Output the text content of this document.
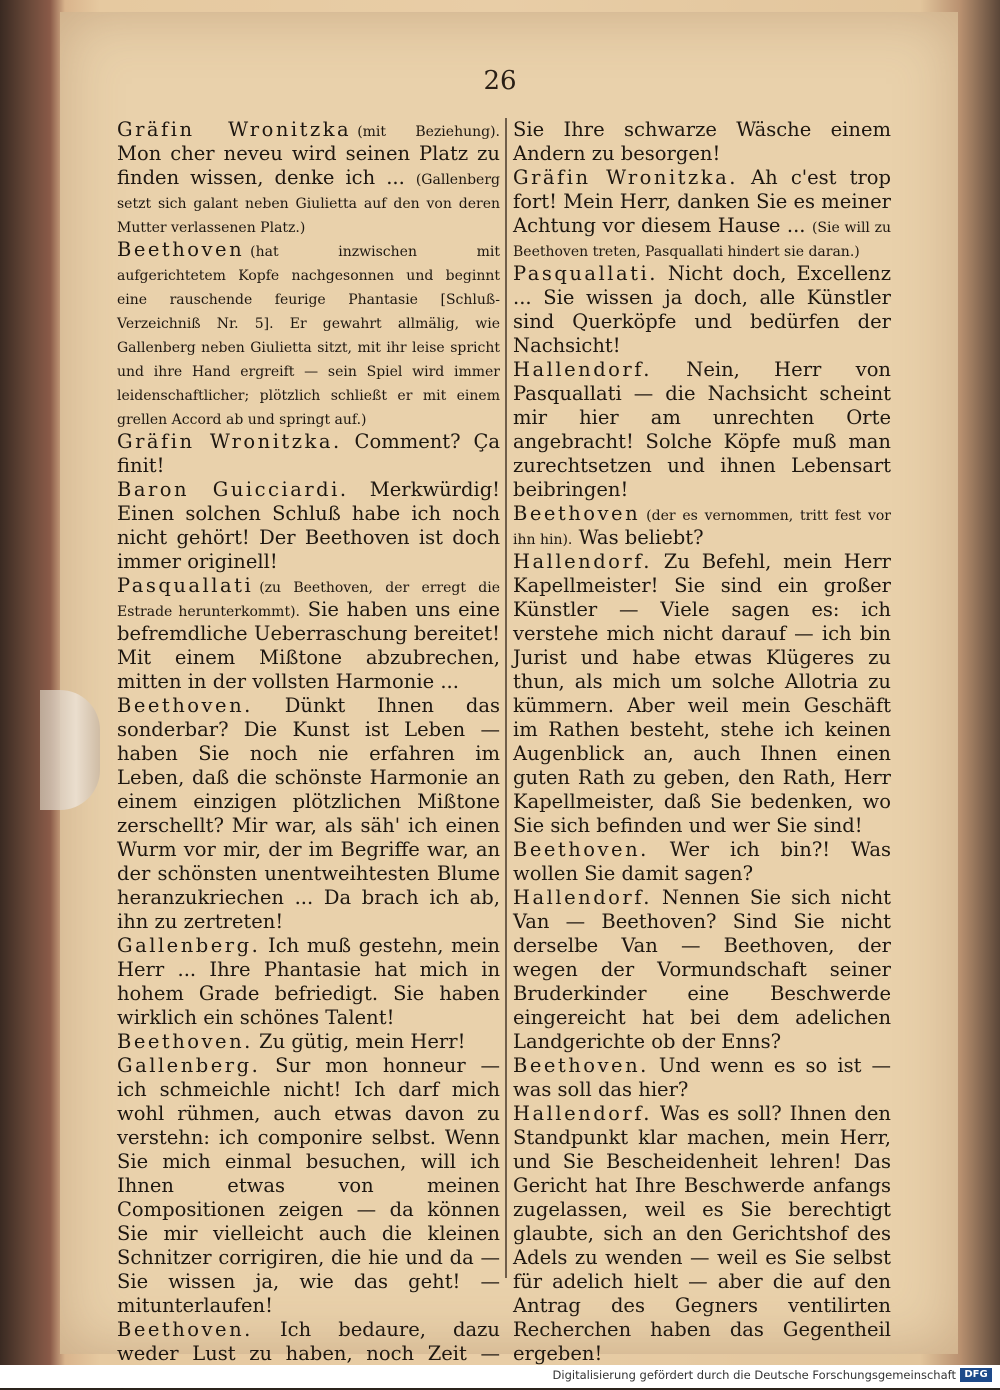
26

Gräfin Wronitzka (mit Beziehung). Mon cher neveu wird seinen Platz zu finden wissen, denke ich ... (Gallenberg setzt sich galant neben Giulietta auf den von deren Mutter verlassenen Platz.)

Beethoven (hat inzwischen mit aufgerichtetem Kopfe nachgesonnen und beginnt eine rauschende feurige Phantasie [Schluß-Verzeichniß Nr. 5]. Er gewahrt allmälig, wie Gallenberg neben Giulietta sitzt, mit ihr leise spricht und ihre Hand ergreift — sein Spiel wird immer leidenschaftlicher; plötzlich schließt er mit einem grellen Accord ab und springt auf.)

Gräfin Wronitzka. Comment? Ça finit!

Baron Guicciardi. Merkwürdig! Einen solchen Schluß habe ich noch nicht gehört! Der Beethoven ist doch immer originell!

Pasquallati (zu Beethoven, der erregt die Estrade herunterkommt). Sie haben uns eine befremdliche Ueberraschung bereitet! Mit einem Mißtone abzubrechen, mitten in der vollsten Harmonie ...

Beethoven. Dünkt Ihnen das sonderbar? Die Kunst ist Leben — haben Sie noch nie erfahren im Leben, daß die schönste Harmonie an einem einzigen plötzlichen Mißtone zerschellt? Mir war, als säh' ich einen Wurm vor mir, der im Begriffe war, an der schönsten unentweihtesten Blume heranzukriechen ... Da brach ich ab, ihn zu zertreten!

Gallenberg. Ich muß gestehn, mein Herr ... Ihre Phantasie hat mich in hohem Grade befriedigt. Sie haben wirklich ein schönes Talent!

Beethoven. Zu gütig, mein Herr!

Gallenberg. Sur mon honneur — ich schmeichle nicht! Ich darf mich wohl rühmen, auch etwas davon zu verstehn: ich componire selbst. Wenn Sie mich einmal besuchen, will ich Ihnen etwas von meinen Compositionen zeigen — da können Sie mir vielleicht auch die kleinen Schnitzer corrigiren, die hie und da — Sie wissen ja, wie das geht! — mitunterlaufen!

Beethoven. Ich bedaure, dazu weder Lust zu haben, noch Zeit —

Sie Ihre schwarze Wäsche einem Andern zu besorgen!

Gräfin Wronitzka. Ah c'est trop fort! Mein Herr, danken Sie es meiner Achtung vor diesem Hause ... (Sie will zu Beethoven treten, Pasquallati hindert sie daran.)

Pasquallati. Nicht doch, Excellenz ... Sie wissen ja doch, alle Künstler sind Querköpfe und bedürfen der Nachsicht!

Hallendorf. Nein, Herr von Pasquallati — die Nachsicht scheint mir hier am unrechten Orte angebracht! Solche Köpfe muß man zurechtsetzen und ihnen Lebensart beibringen!

Beethoven (der es vernommen, tritt fest vor ihn hin). Was beliebt?

Hallendorf. Zu Befehl, mein Herr Kapellmeister! Sie sind ein großer Künstler — Viele sagen es: ich verstehe mich nicht darauf — ich bin Jurist und habe etwas Klügeres zu thun, als mich um solche Allotria zu kümmern. Aber weil mein Geschäft im Rathen besteht, stehe ich keinen Augenblick an, auch Ihnen einen guten Rath zu geben, den Rath, Herr Kapellmeister, daß Sie bedenken, wo Sie sich befinden und wer Sie sind!

Beethoven. Wer ich bin?! Was wollen Sie damit sagen?

Hallendorf. Nennen Sie sich nicht Van — Beethoven? Sind Sie nicht derselbe Van — Beethoven, der wegen der Vormundschaft seiner Bruderkinder eine Beschwerde eingereicht hat bei dem adelichen Landgerichte ob der Enns?

Beethoven. Und wenn es so ist — was soll das hier?

Hallendorf. Was es soll? Ihnen den Standpunkt klar machen, mein Herr, und Sie Bescheidenheit lehren! Das Gericht hat Ihre Beschwerde anfangs zugelassen, weil es Sie berechtigt glaubte, sich an den Gerichtshof des Adels zu wenden — weil es Sie selbst für adelich hielt — aber die auf den Antrag des Gegners ventilirten Recherchen haben das Gegentheil ergeben!

Digitalisierung gefördert durch die Deutsche Forschungsgemeinschaft DFG
